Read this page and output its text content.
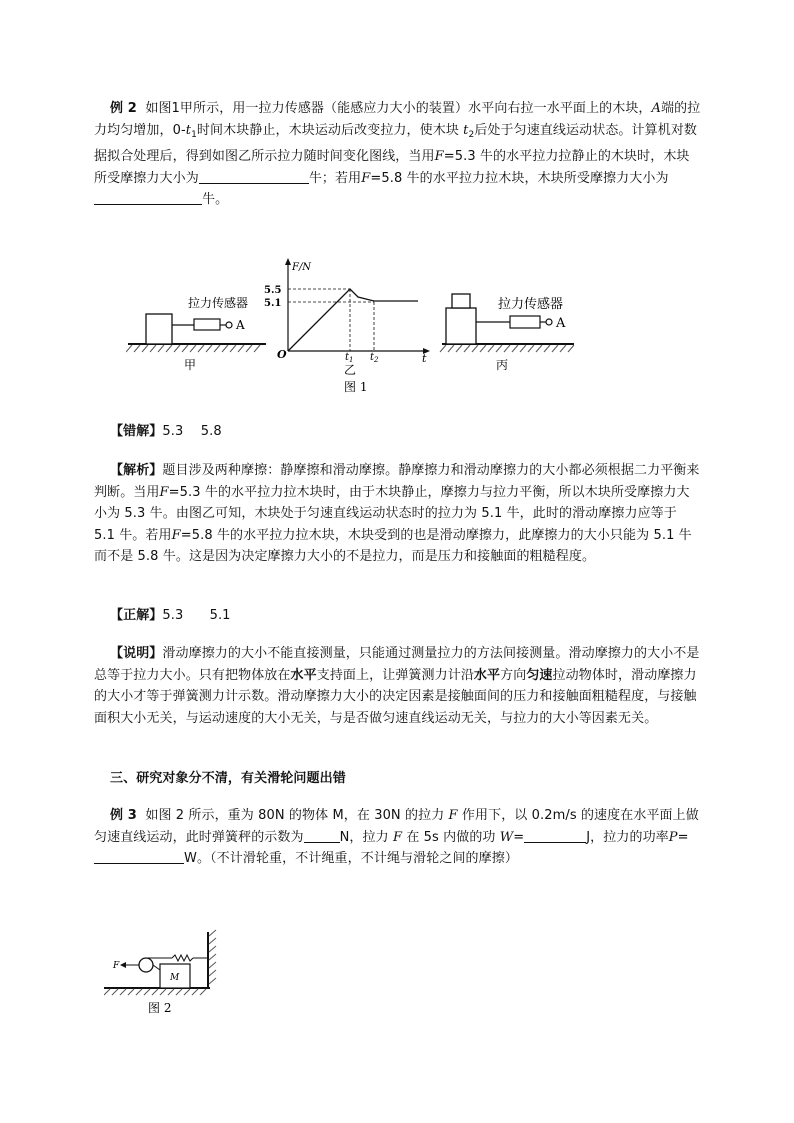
例 2 如图1甲所示，用一拉力传感器（能感应力大小的装置）水平向右拉一水平面上的木块，A端的拉力均匀增加，$0-t_1$时间木块静止，木块运动后改变拉力，使木块 $t_2$后处于匀速直线运动状态。计算机对数据拟合处理后，得到如图乙所示拉力随时间变化图线，当用F=5.3 牛的水平拉力拉静止的木块时，木块所受摩擦力大小为	牛；若用F=5.8 牛的水平拉力拉木块，木块所受摩擦力大小为 牛。
拉力传感器
A
甲
F/N
5.5
5.1
O	$t_1$ $t_2$	t
乙
拉力传感器
A
丙
图 1
【错解】5.3　 5.8
【解析】题目涉及两种摩擦：静摩擦和滑动摩擦。静摩擦力和滑动摩擦力的大小都必须根据二力平衡来判断。当用F=5.3 牛的水平拉力拉木块时，由于木块静止，摩擦力与拉力平衡，所以木块所受摩擦力大小为 5.3 牛。由图乙可知，木块处于匀速直线运动状态时的拉力为 5.1 牛，此时的滑动摩擦力应等于 5.1 牛。若用F=5.8 牛的水平拉力拉木块，木块受到的也是滑动摩擦力，此摩擦力的大小只能为 5.1 牛而不是 5.8 牛。这是因为决定摩擦力大小的不是拉力，而是压力和接触面的粗糙程度。
【正解】5.3　　5.1
【说明】滑动摩擦力的大小不能直接测量，只能通过测量拉力的方法间接测量。滑动摩擦力的大小不是总等于拉力大小。只有把物体放在水平支持面上，让弹簧测力计沿水平方向匀速拉动物体时，滑动摩擦力的大小才等于弹簧测力计示数。滑动摩擦力大小的决定因素是接触面间的压力和接触面粗糙程度，与接触面积大小无关，与运动速度的大小无关，与是否做匀速直线运动无关，与拉力的大小等因素无关。
三、研究对象分不清，有关滑轮问题出错
例 3 如图 2 所示，重为 80N 的物体 M，在 30N 的拉力 F 作用下，以 0.2m/s 的速度在水平面上做匀速直线运动，此时弹簧秤的示数为	N，拉力 F 在 5s 内做的功 W=	J，拉力的功率P=W。（不计滑轮重，不计绳重，不计绳与滑轮之间的摩擦）
M
F
图 2
